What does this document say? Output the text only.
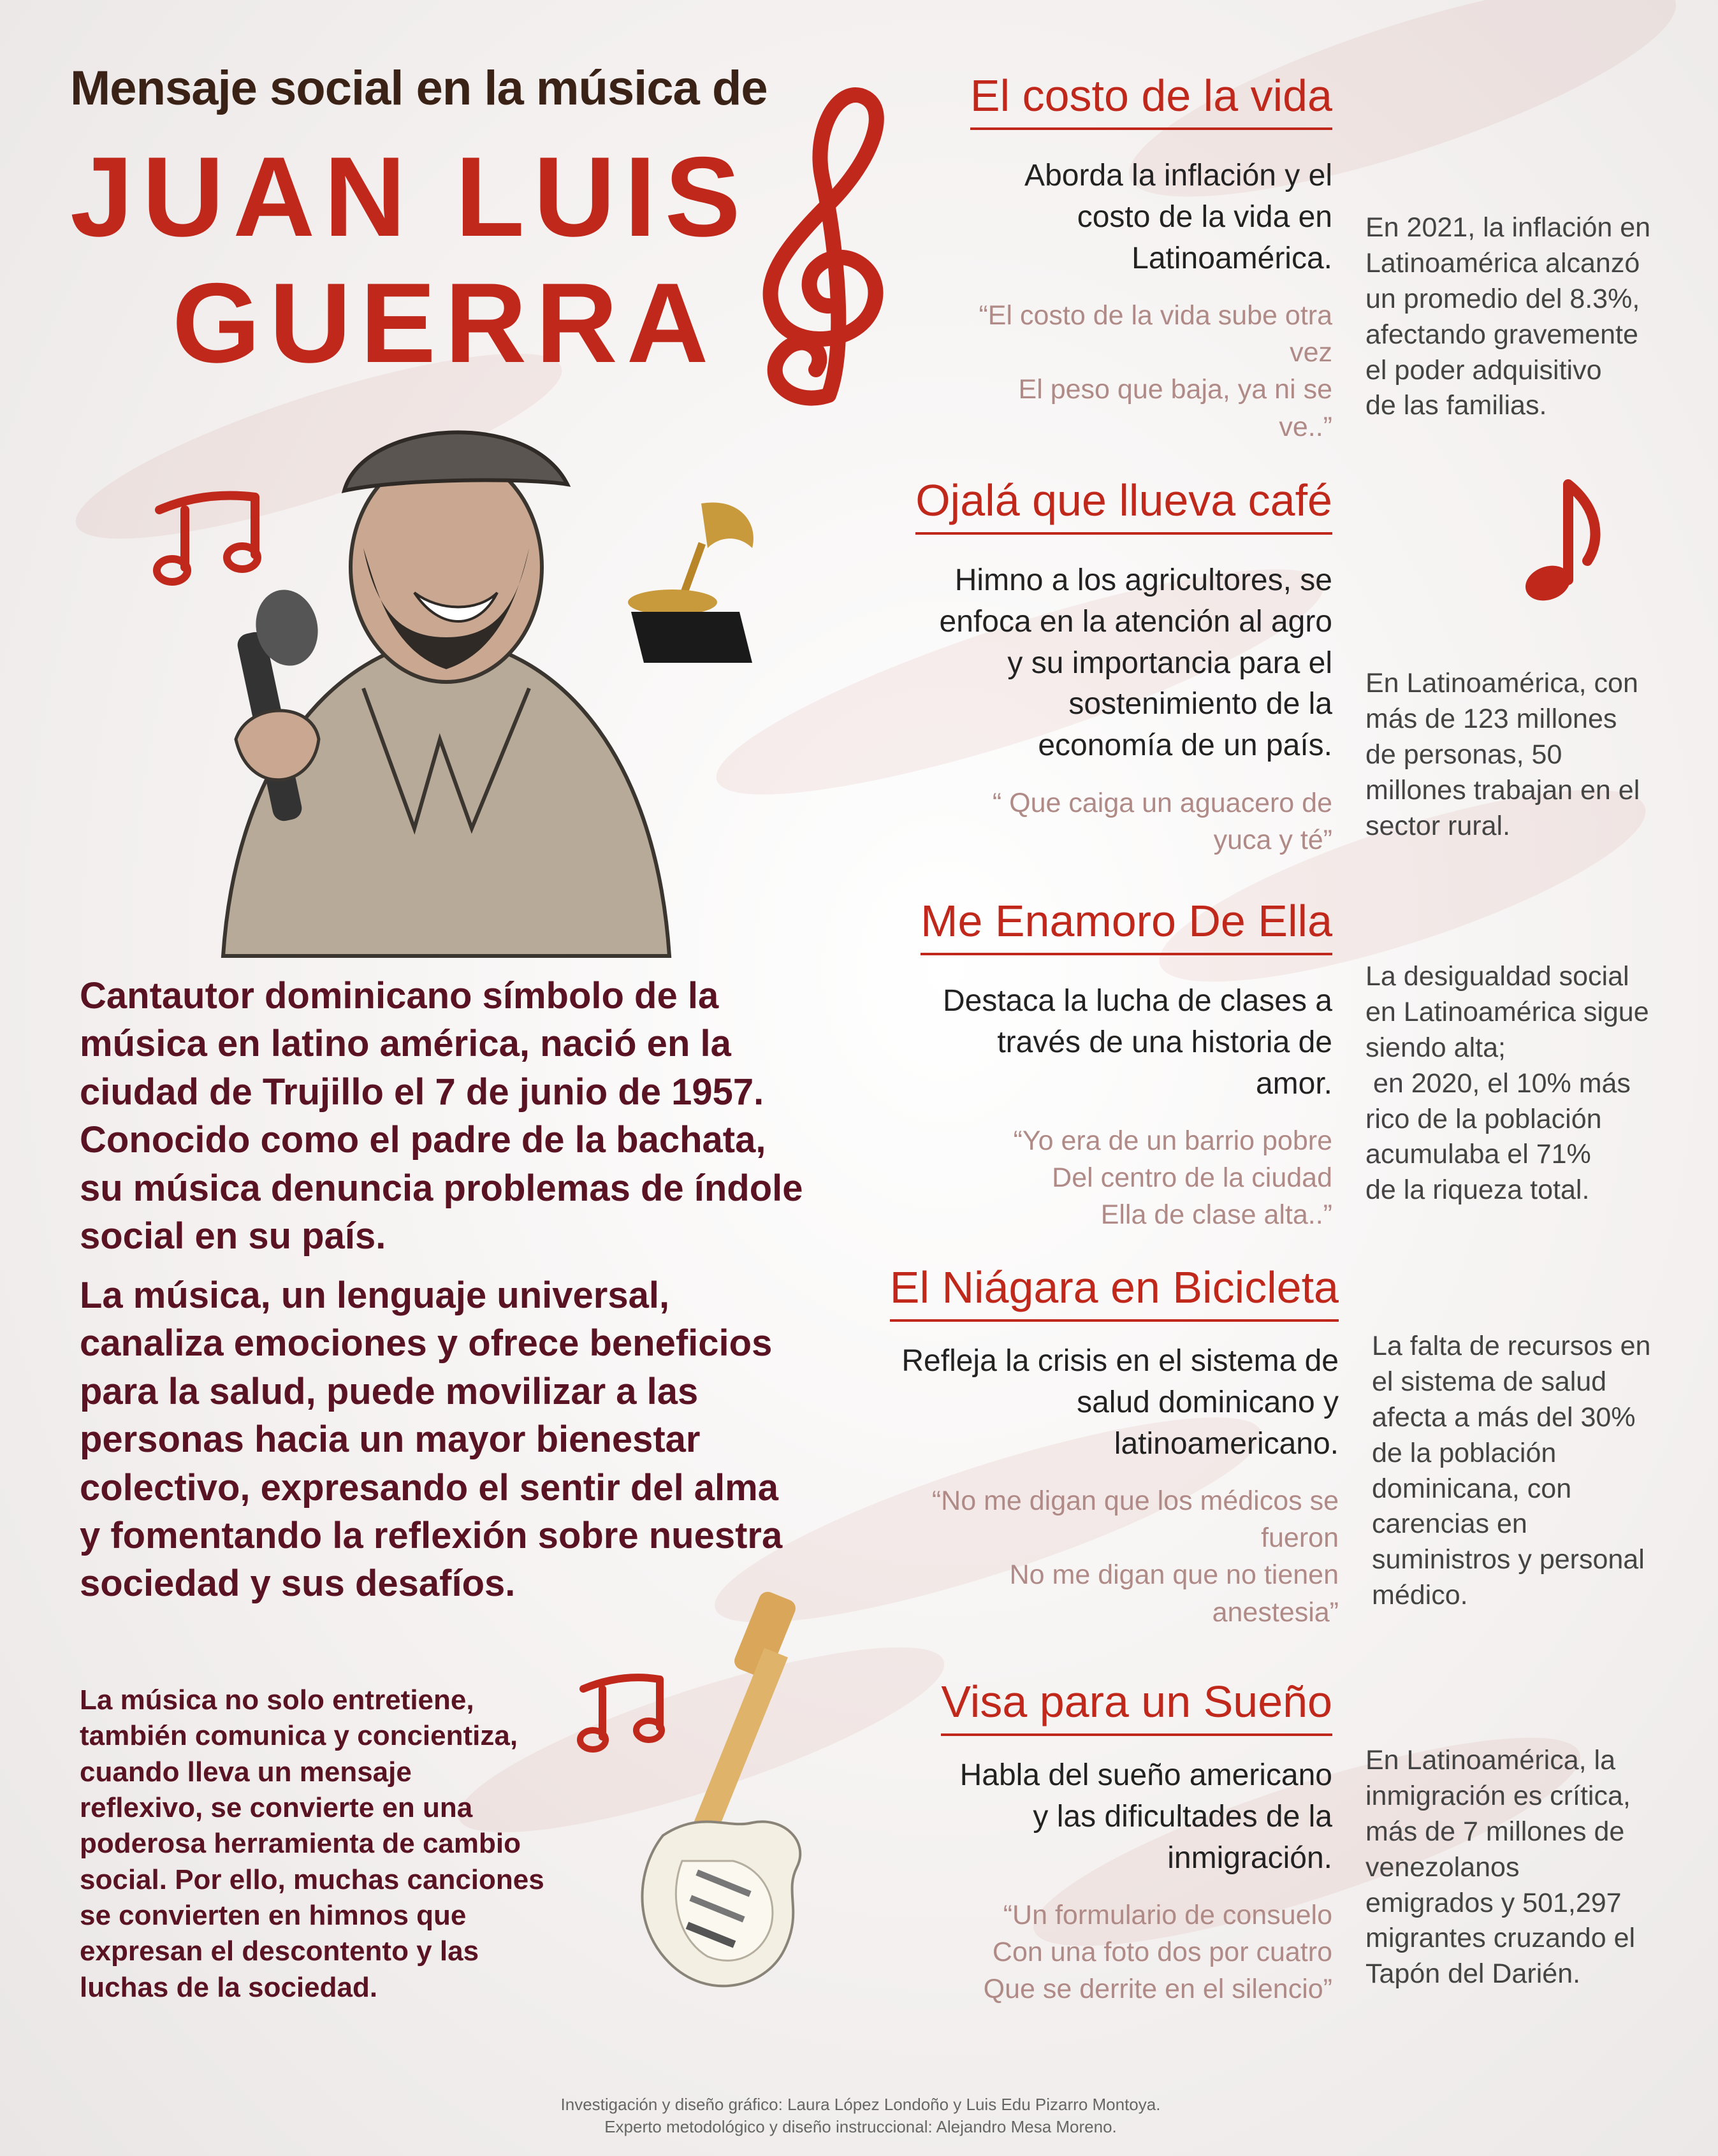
Mensaje social en la música de
JUAN LUIS
GUERRA
El costo de la vida
Aborda la inflación y el
costo de la vida en
Latinoamérica.
“El costo de la vida sube otra
vez
El peso que baja, ya ni se
ve..”
En 2021, la inflación en
Latinoamérica alcanzó
un promedio del 8.3%,
afectando gravemente
el poder adquisitivo
de las familias.
Ojalá que llueva café
Himno a los agricultores, se
enfoca en la atención al agro
y su importancia para el
sostenimiento de la
economía de un país.
“ Que caiga un aguacero de
yuca y té”
En Latinoamérica, con
más de 123 millones
de personas, 50
millones trabajan en el
sector rural.
Me Enamoro De Ella
Destaca la lucha de clases a
través de una historia de
amor.
“Yo era de un barrio pobre
Del centro de la ciudad
Ella de clase alta..”
La desigualdad social
en Latinoamérica sigue
siendo alta;
en 2020, el 10% más
rico de la población
acumulaba el 71%
de la riqueza total.
El Niágara en Bicicleta
Refleja la crisis en el sistema de
salud dominicano y
latinoamericano.
“No me digan que los médicos se
fueron
No me digan que no tienen
anestesia”
La falta de recursos en
el sistema de salud
afecta a más del 30%
de la población
dominicana, con
carencias en
suministros y personal
médico.
Visa para un Sueño
Habla del sueño americano
y las dificultades de la
inmigración.
“Un formulario de consuelo
Con una foto dos por cuatro
Que se derrite en el silencio”
En Latinoamérica, la
inmigración es crítica,
más de 7 millones de
venezolanos
emigrados y 501,297
migrantes cruzando el
Tapón del Darién.
Cantautor dominicano símbolo de la
música en latino américa, nació en la
ciudad de Trujillo el 7 de junio de 1957.
Conocido como el padre de la bachata,
su música denuncia problemas de índole
social en su país.
La música, un lenguaje universal,
canaliza emociones y ofrece beneficios
para la salud, puede movilizar a las
personas hacia un mayor bienestar
colectivo, expresando el sentir del alma
y fomentando la reflexión sobre nuestra
sociedad y sus desafíos.
La música no solo entretiene,
también comunica y concientiza,
cuando lleva un mensaje
reflexivo, se convierte en una
poderosa herramienta de cambio
social. Por ello, muchas canciones
se convierten en himnos que
expresan el descontento y las
luchas de la sociedad.
Investigación y diseño gráfico: Laura López Londoño y Luis Edu Pizarro Montoya.
Experto metodológico y diseño instruccional: Alejandro Mesa Moreno.
